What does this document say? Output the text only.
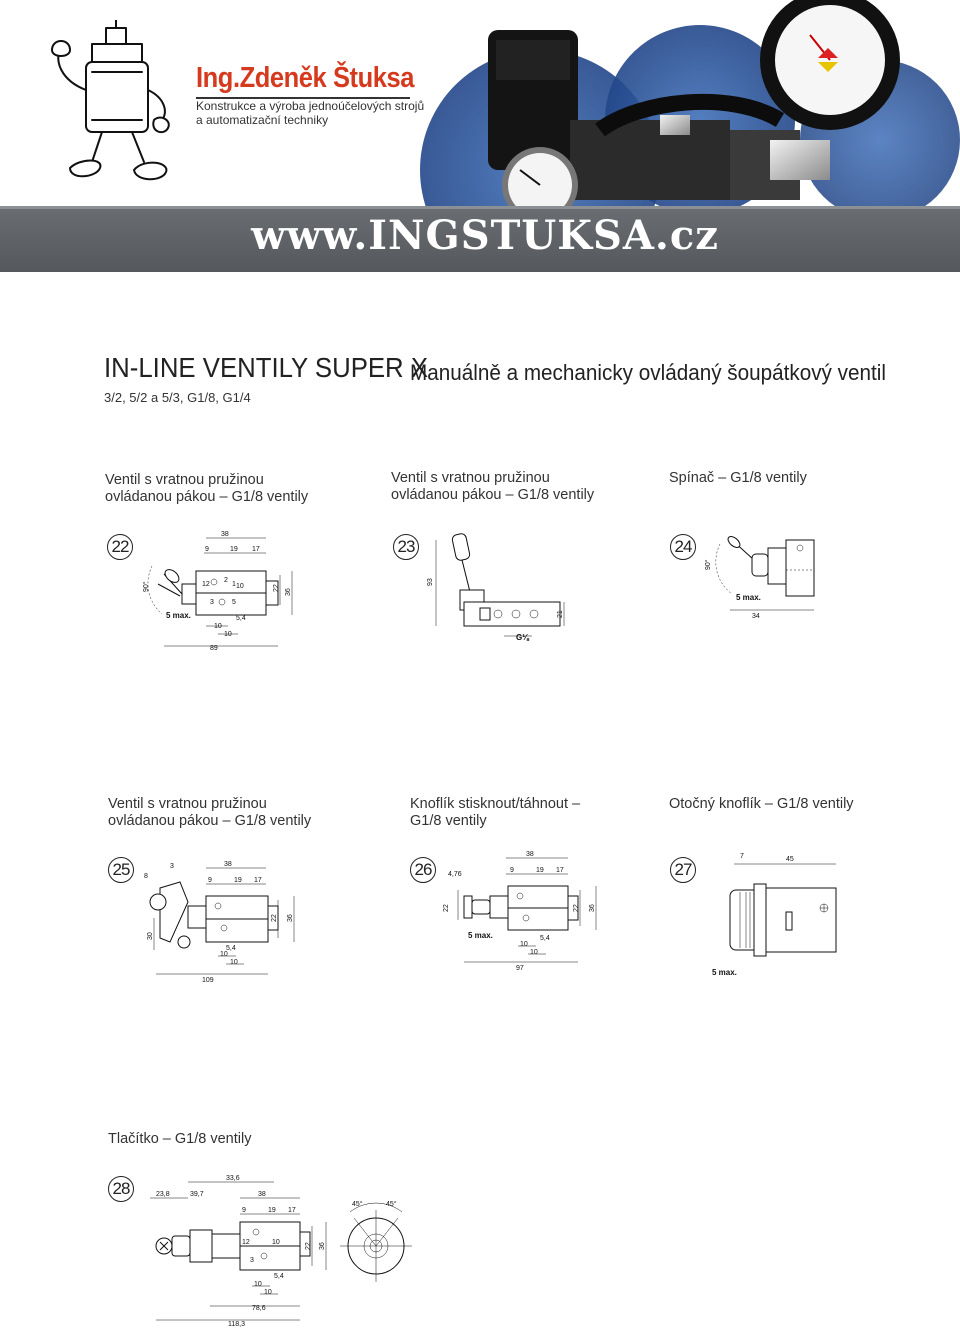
Ing.Zdeněk Štuksa
Konstrukce a výroba jednoúčelových strojů
a automatizační techniky
www.INGSTUKSA.cz
IN-LINE VENTILY SUPER X
Manuálně a mechanicky ovládaný šoupátkový ventil
3/2, 5/2 a 5/3, G1/8, G1/4
Ventil s vratnou pružinou
ovládanou pákou – G1/8 ventily
22
38
9	19 17
90°	12
2
1 10
3	5
22
36
5 max.	5,4
10
10
89
Ventil s vratnou pružinou
ovládanou pákou – G1/8 ventily
23
93
21
G⅛
Spínač – G1/8 ventily
24
90°
5 max.
34
Ventil s vratnou pružinou
ovládanou pákou – G1/8 ventily
25	3
8
38
9	19 17
30
22 36
5,4
10
10
109
Knoflík stisknout/táhnout –
G1/8 ventily
26
38
4,76
9	19 17
22	22 36
5 max.	5,4
10
10
97
Otočný knoflík – G1/8 ventily
27
7	45
5 max.
Tlačítko – G1/8 ventily
28
33,6
23,8	39,7	38
9	19 17
12	10
3
22 36
5,4
10
10
78,6
118,3
45°	45°
